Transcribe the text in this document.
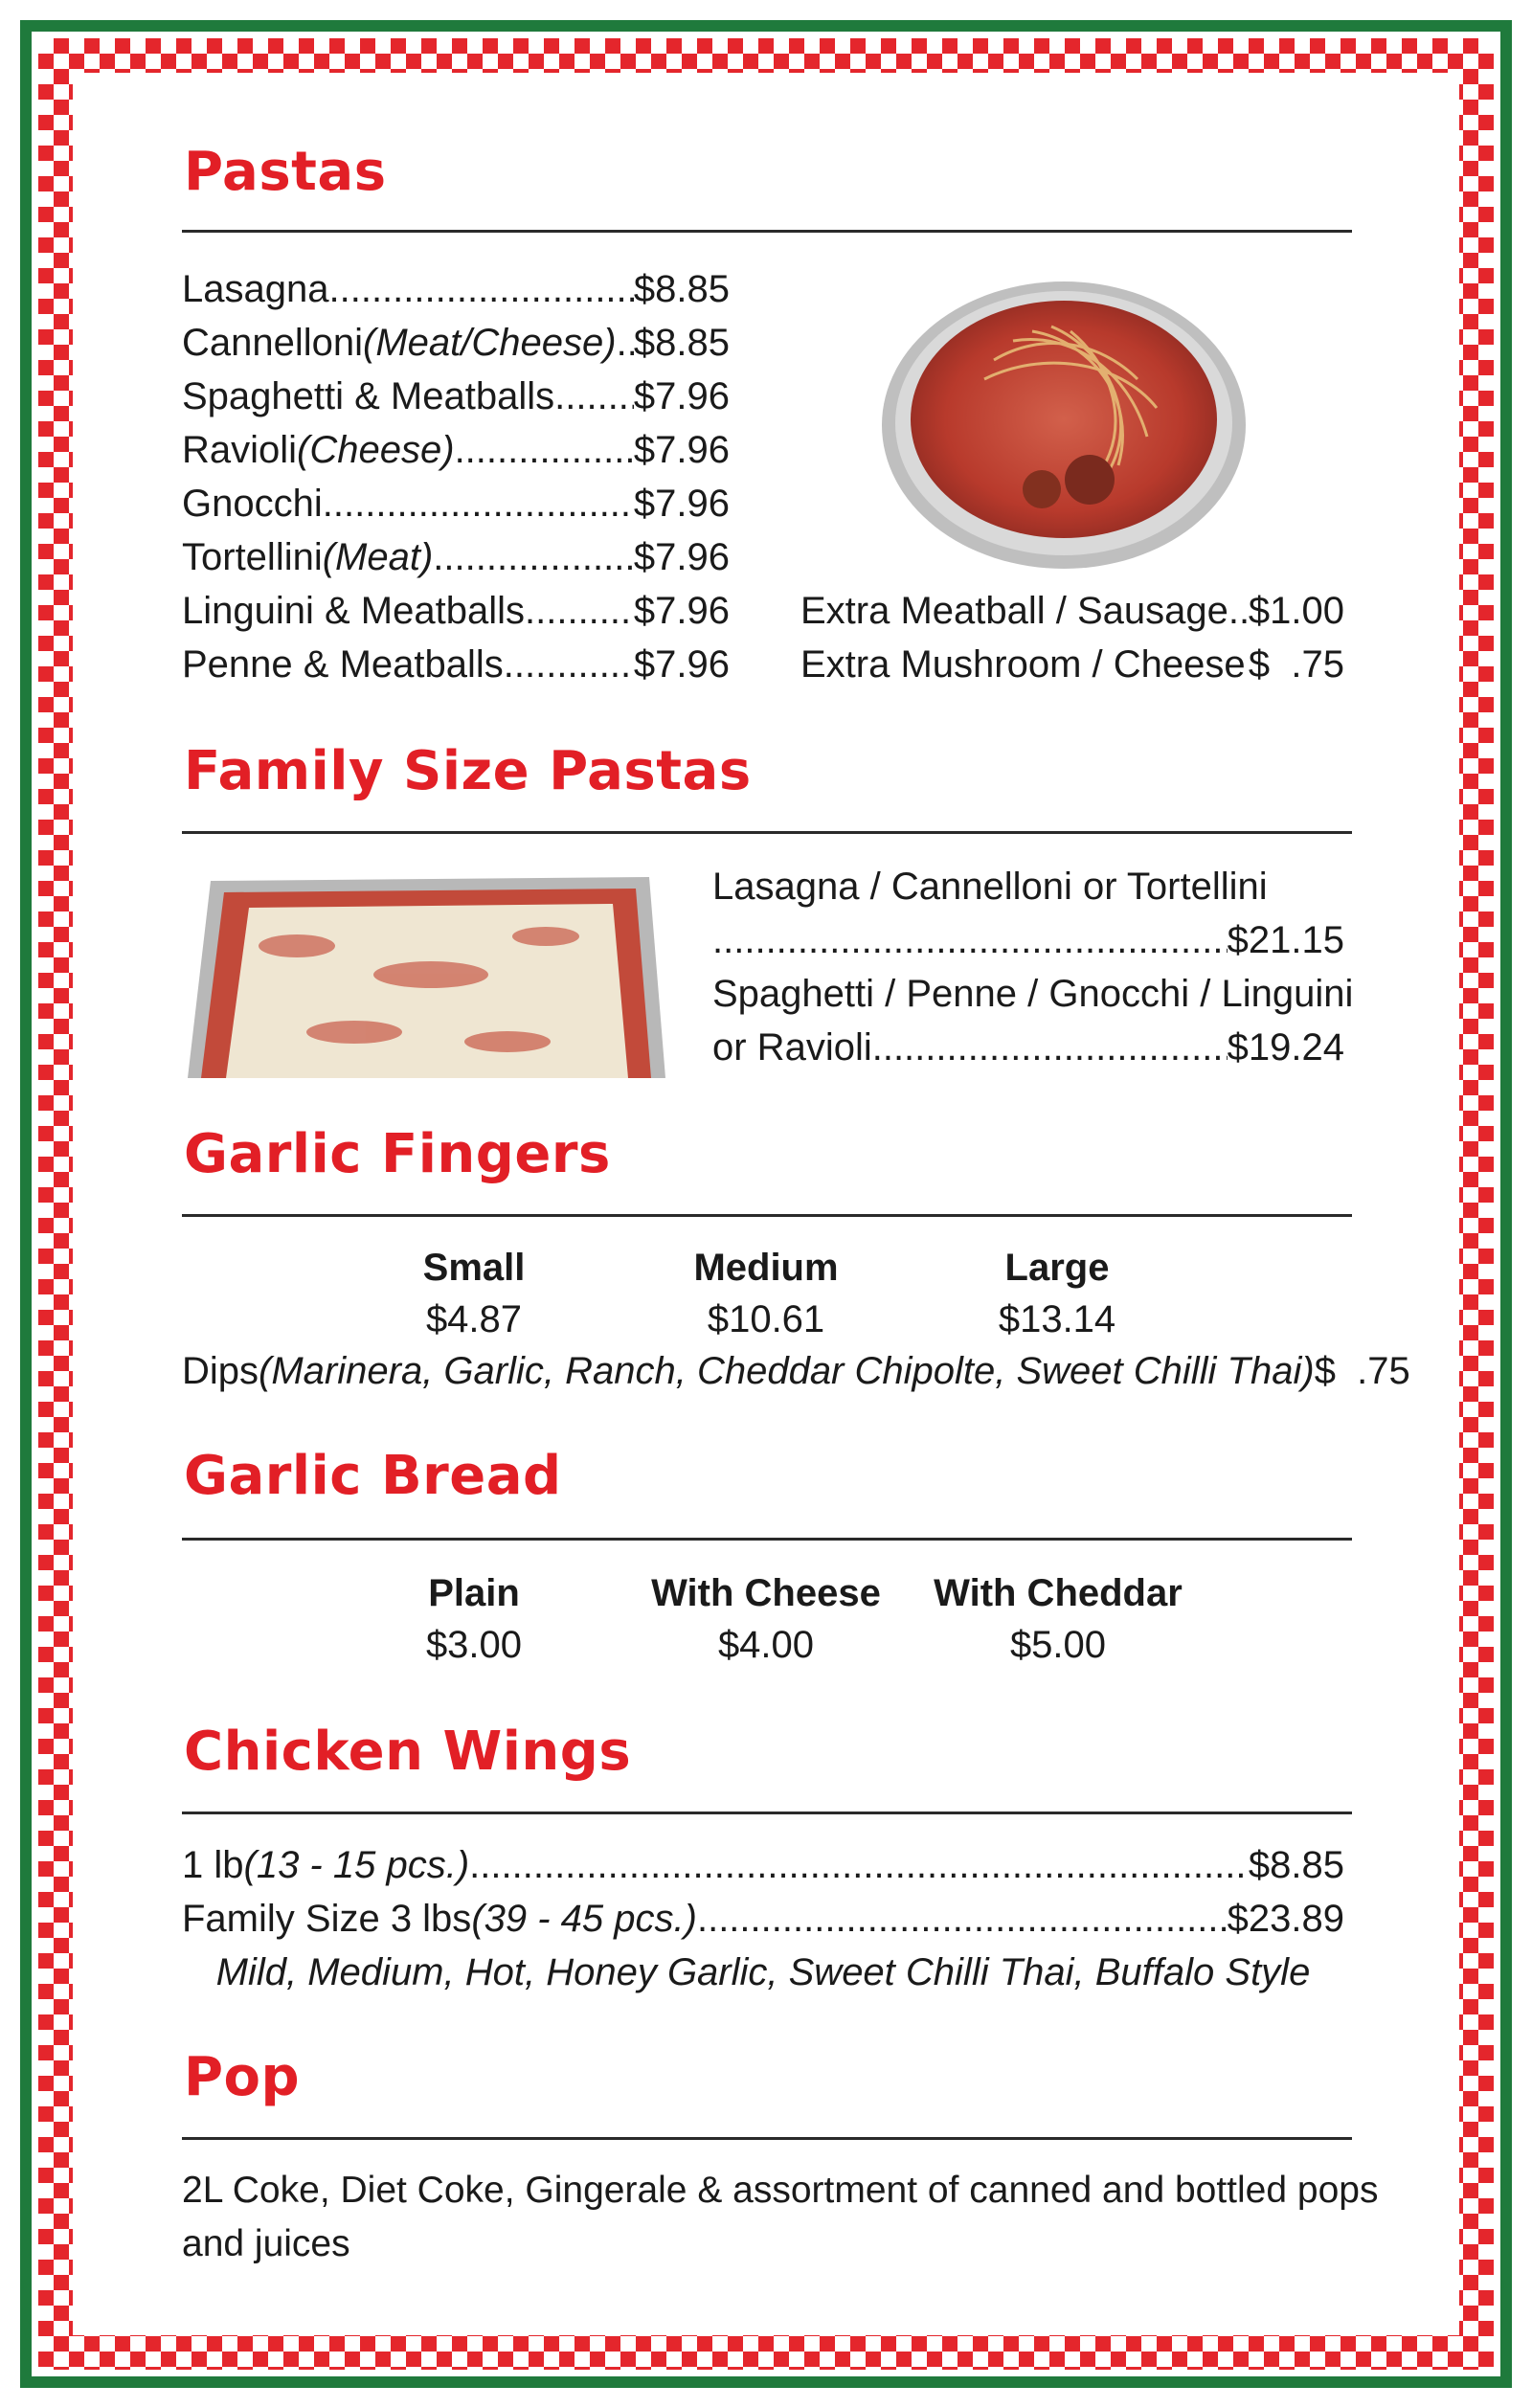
Pastas
Lasagna .....	$8.85
Cannelloni (Meat/Cheese) ..... $8.85
Spaghetti & Meatballs ..... $7.96
Ravioli (Cheese) .....	$7.96
Gnocchi .....	$7.96
Tortellini (Meat) .....	$7.96
Linguini & Meatballs .....	$7.96
Penne & Meatballs .....	$7.96
Extra Meatball / Sausage ..... $1.00
Extra Mushroom / Cheese ..... $  .75
Family Size Pastas
Lasagna / Cannelloni or Tortellini
.....
$21.15
Spaghetti / Penne / Gnocchi / Linguini
or Ravioli .....	$19.24
Garlic Fingers
Small	Medium	Large
$4.87	$10.61	$13.14
Dips (Marinera, Garlic, Ranch, Cheddar Chipolte, Sweet Chilli Thai) $  .75
Garlic Bread
Plain	With Cheese	With Cheddar
$3.00	$4.00	$5.00
Chicken Wings
1 lb (13 - 15 pcs.) .....	$8.85
Family Size 3 lbs (39 - 45 pcs.) .....	$23.89
Mild, Medium, Hot, Honey Garlic, Sweet Chilli Thai, Buffalo Style
Pop
2L Coke, Diet Coke, Gingerale & assortment of canned and bottled pops
and juices
